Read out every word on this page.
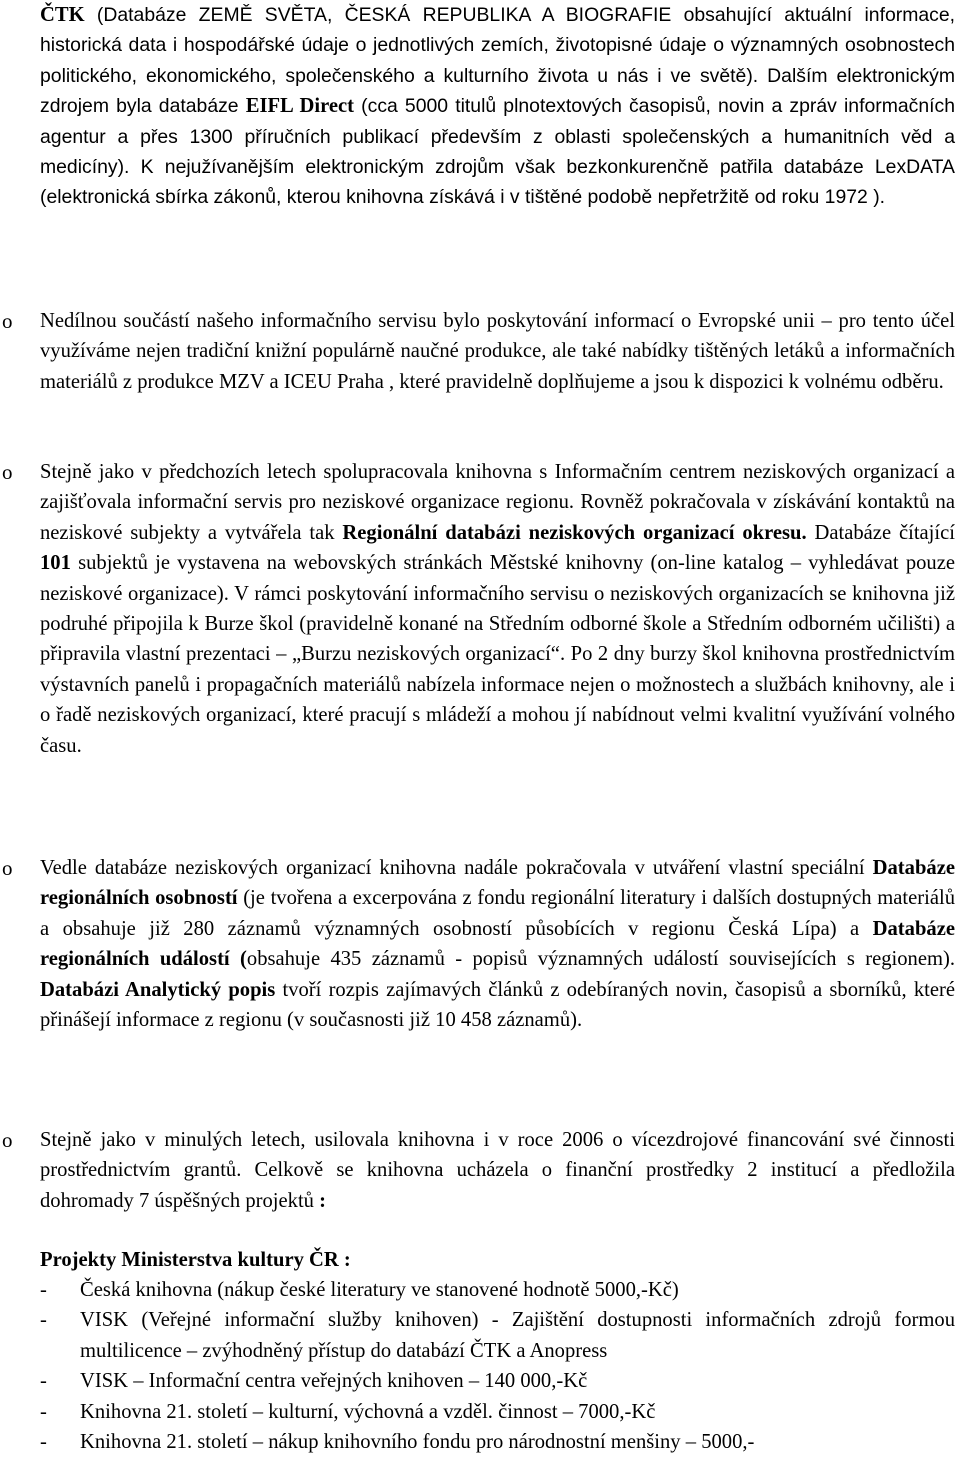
ČTK (Databáze ZEMĚ SVĚTA, ČESKÁ REPUBLIKA A BIOGRAFIE obsahující aktuální informace, historická data i hospodářské údaje o jednotlivých zemích, životopisné údaje o významných osobnostech politického, ekonomického, společenského a kulturního života u nás i ve světě). Dalším elektronickým zdrojem byla databáze EIFL Direct (cca 5000 titulů plnotextových časopisů, novin a zpráv informačních agentur a přes 1300 příručních publikací především z oblasti společenských a humanitních věd a medicíny). K nejužívanějším elektronickým zdrojům však bezkonkurenčně patřila databáze LexDATA (elektronická sbírka zákonů, kterou knihovna získává i v tištěné podobě nepřetržitě od roku 1972 ).

o Nedílnou součástí našeho informačního servisu bylo poskytování informací o Evropské unii – pro tento účel využíváme nejen tradiční knižní populárně naučné produkce, ale také nabídky tištěných letáků a informačních materiálů z produkce MZV a ICEU Praha , které pravidelně doplňujeme a jsou k dispozici k volnému odběru.

o Stejně jako v předchozích letech spolupracovala knihovna s Informačním centrem neziskových organizací a zajišťovala informační servis pro neziskové organizace regionu. Rovněž pokračovala v získávání kontaktů na neziskové subjekty a vytvářela tak Regionální databázi neziskových organizací okresu. Databáze čítající 101 subjektů je vystavena na webovských stránkách Městské knihovny (on-line katalog – vyhledávat pouze neziskové organizace). V rámci poskytování informačního servisu o neziskových organizacích se knihovna již podruhé připojila k Burze škol (pravidelně konané na Středním odborné škole a Středním odborném učilišti) a připravila vlastní prezentaci – „Burzu neziskových organizací“. Po 2 dny burzy škol knihovna prostřednictvím výstavních panelů i propagačních materiálů nabízela informace nejen o možnostech a službách knihovny, ale i o řadě neziskových organizací, které pracují s mládeží a mohou jí nabídnout velmi kvalitní využívání volného času.

o Vedle databáze neziskových organizací knihovna nadále pokračovala v utváření vlastní speciální Databáze regionálních osobností (je tvořena a excerpována z fondu regionální literatury i dalších dostupných materiálů a obsahuje již 280 záznamů významných osobností působících v regionu Česká Lípa) a Databáze regionálních událostí (obsahuje 435 záznamů - popisů významných událostí souvisejících s regionem). Databázi Analytický popis tvoří rozpis zajímavých článků z odebíraných novin, časopisů a sborníků, které přinášejí informace z regionu (v současnosti již 10 458 záznamů).

o Stejně jako v minulých letech, usilovala knihovna i v roce 2006 o vícezdrojové financování své činnosti prostřednictvím grantů. Celkově se knihovna ucházela o finanční prostředky 2 institucí a předložila dohromady 7 úspěšných projektů :

Projekty Ministerstva kultury ČR :

- Česká knihovna (nákup české literatury ve stanovené hodnotě 5000,-Kč)
- VISK (Veřejné informační služby knihoven) - Zajištění dostupnosti informačních zdrojů formou multilicence – zvýhodněný přístup do databází ČTK a Anopress
- VISK – Informační centra veřejných knihoven – 140 000,-Kč
- Knihovna 21. století – kulturní, výchovná a vzděl. činnost – 7000,-Kč
- Knihovna 21. století – nákup knihovního fondu pro národnostní menšiny – 5000,-
